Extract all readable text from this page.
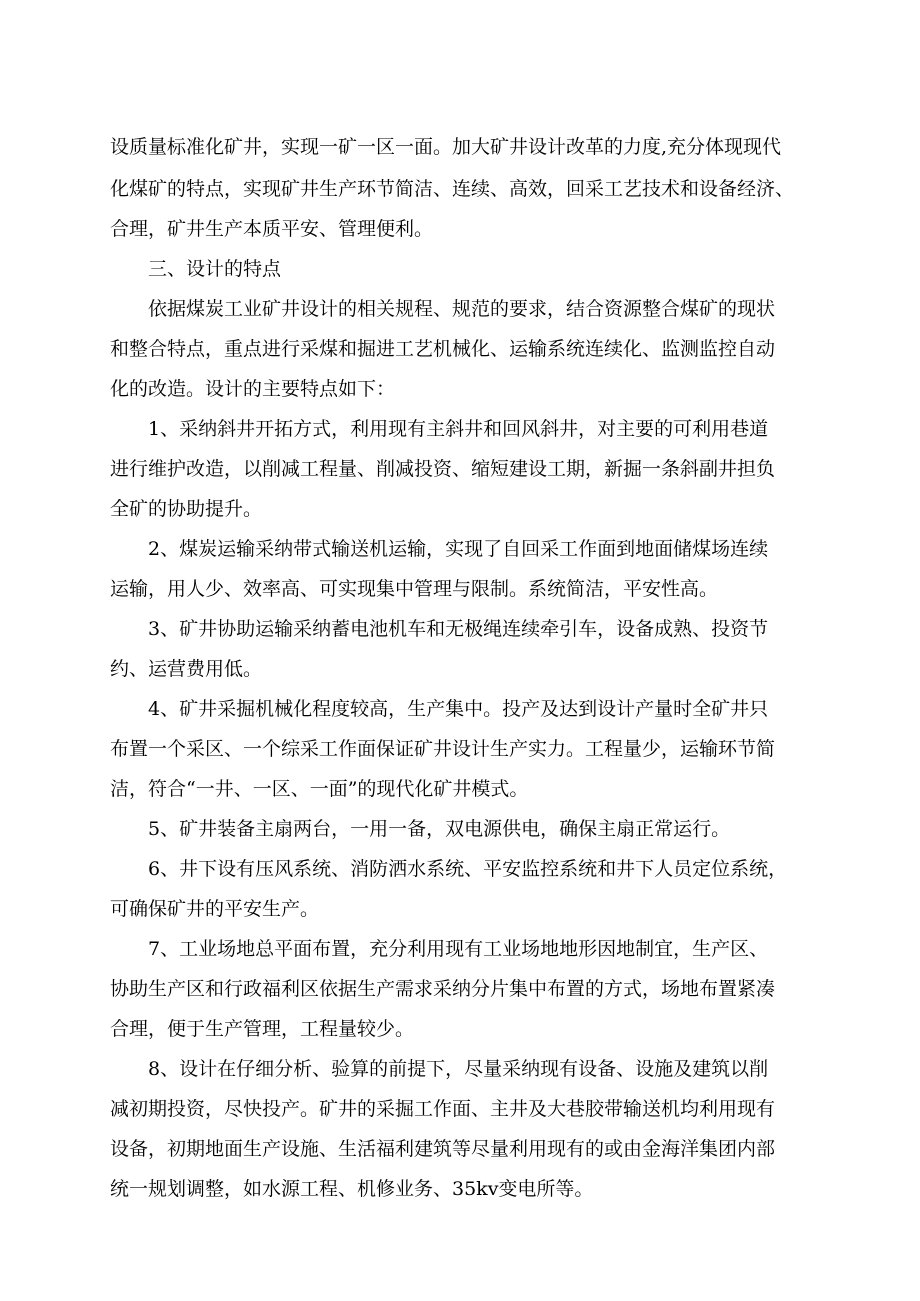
设质量标准化矿井，实现一矿一区一面。加大矿井设计改革的力度,充分体现现代
化煤矿的特点，实现矿井生产环节简洁、连续、高效，回采工艺技术和设备经济、
合理，矿井生产本质平安、管理便利。
三、设计的特点
依据煤炭工业矿井设计的相关规程、规范的要求，结合资源整合煤矿的现状
和整合特点，重点进行采煤和掘进工艺机械化、运输系统连续化、监测监控自动
化的改造。设计的主要特点如下：
1、采纳斜井开拓方式，利用现有主斜井和回风斜井，对主要的可利用巷道
进行维护改造，以削减工程量、削减投资、缩短建设工期，新掘一条斜副井担负
全矿的协助提升。
2、煤炭运输采纳带式输送机运输，实现了自回采工作面到地面储煤场连续
运输，用人少、效率高、可实现集中管理与限制。系统简洁，平安性高。
3、矿井协助运输采纳蓄电池机车和无极绳连续牵引车，设备成熟、投资节
约、运营费用低。
4、矿井采掘机械化程度较高，生产集中。投产及达到设计产量时全矿井只
布置一个采区、一个综采工作面保证矿井设计生产实力。工程量少，运输环节简
洁，符合“一井、一区、一面”的现代化矿井模式。
5、矿井装备主扇两台，一用一备，双电源供电，确保主扇正常运行。
6、井下设有压风系统、消防洒水系统、平安监控系统和井下人员定位系统，
可确保矿井的平安生产。
7、工业场地总平面布置，充分利用现有工业场地地形因地制宜，生产区、
协助生产区和行政福利区依据生产需求采纳分片集中布置的方式，场地布置紧凑
合理，便于生产管理，工程量较少。
8、设计在仔细分析、验算的前提下，尽量采纳现有设备、设施及建筑以削
减初期投资，尽快投产。矿井的采掘工作面、主井及大巷胶带输送机均利用现有
设备，初期地面生产设施、生活福利建筑等尽量利用现有的或由金海洋集团内部
统一规划调整，如水源工程、机修业务、35kv变电所等。
